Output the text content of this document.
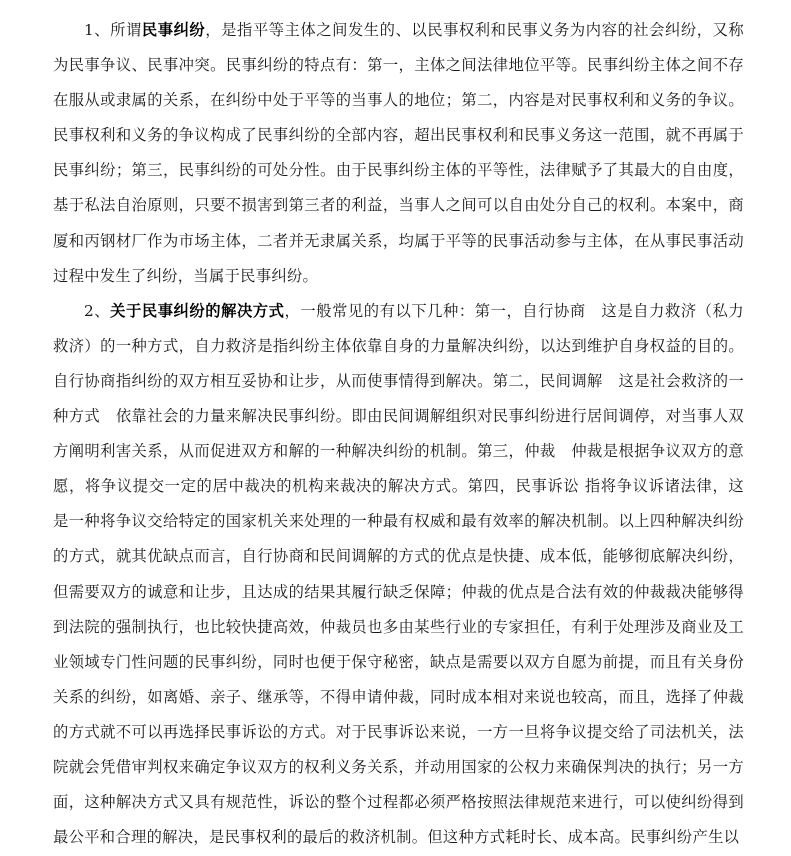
1、所谓民事纠纷，是指平等主体之间发生的、以民事权利和民事义务为内容的社会纠纷，又称为民事争议、民事冲突。民事纠纷的特点有：第一，主体之间法律地位平等。民事纠纷主体之间不存在服从或隶属的关系，在纠纷中处于平等的当事人的地位；第二，内容是对民事权利和义务的争议。民事权利和义务的争议构成了民事纠纷的全部内容，超出民事权利和民事义务这一范围，就不再属于民事纠纷；第三，民事纠纷的可处分性。由于民事纠纷主体的平等性，法律赋予了其最大的自由度，基于私法自治原则，只要不损害到第三者的利益，当事人之间可以自由处分自己的权利。本案中，商厦和丙钢材厂作为市场主体，二者并无隶属关系，均属于平等的民事活动参与主体，在从事民事活动过程中发生了纠纷，当属于民事纠纷。

2、关于民事纠纷的解决方式，一般常见的有以下几种：第一，自行协商　这是自力救济（私力救济）的一种方式，自力救济是指纠纷主体依靠自身的力量解决纠纷，以达到维护自身权益的目的。自行协商指纠纷的双方相互妥协和让步，从而使事情得到解决。第二，民间调解　这是社会救济的一种方式　依靠社会的力量来解决民事纠纷。即由民间调解组织对民事纠纷进行居间调停，对当事人双方阐明利害关系，从而促进双方和解的一种解决纠纷的机制。第三，仲裁　仲裁是根据争议双方的意愿，将争议提交一定的居中裁决的机构来裁决的解决方式。第四，民事诉讼 指将争议诉诸法律，这是一种将争议交给特定的国家机关来处理的一种最有权威和最有效率的解决机制。以上四种解决纠纷的方式，就其优缺点而言，自行协商和民间调解的方式的优点是快捷、成本低，能够彻底解决纠纷，但需要双方的诚意和让步，且达成的结果其履行缺乏保障；仲裁的优点是合法有效的仲裁裁决能够得到法院的强制执行，也比较快捷高效，仲裁员也多由某些行业的专家担任，有利于处理涉及商业及工业领域专门性问题的民事纠纷，同时也便于保守秘密，缺点是需要以双方自愿为前提，而且有关身份关系的纠纷，如离婚、亲子、继承等，不得申请仲裁，同时成本相对来说也较高，而且，选择了仲裁的方式就不可以再选择民事诉讼的方式。对于民事诉讼来说，一方一旦将争议提交给了司法机关，法院就会凭借审判权来确定争议双方的权利义务关系，并动用国家的公权力来确保判决的执行；另一方面，这种解决方式又具有规范性，诉讼的整个过程都必须严格按照法律规范来进行，可以使纠纷得到最公平和合理的解决，是民事权利的最后的救济机制。但这种方式耗时长、成本高。民事纠纷产生以
